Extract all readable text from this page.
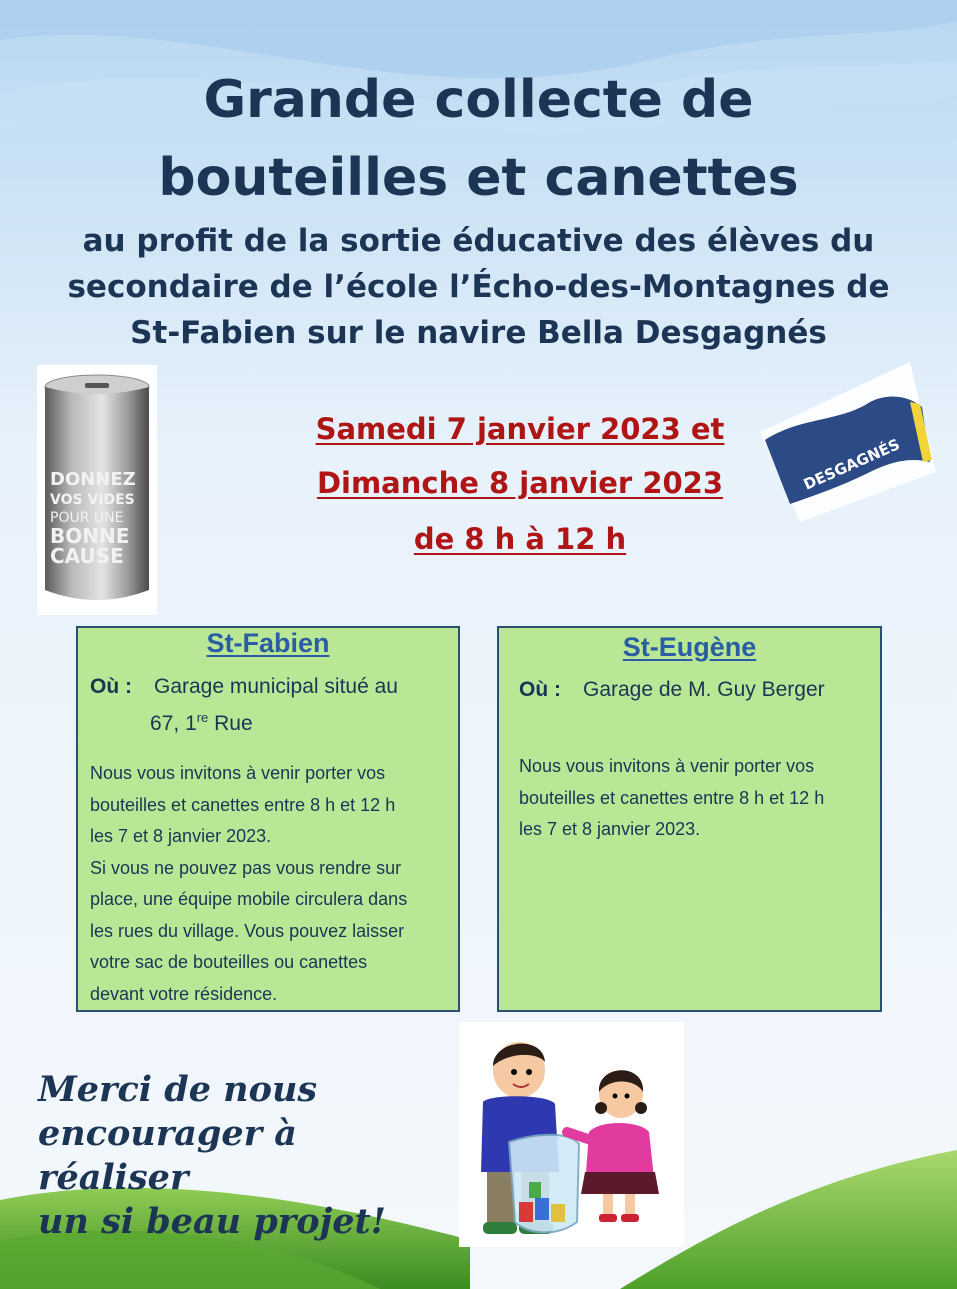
Grande collecte de
bouteilles et canettes
au profit de la sortie éducative des élèves du
secondaire de l’école l’Écho-des-Montagnes de
St-Fabien sur le navire Bella Desgagnés
DONNEZ
VOS VIDES
POUR UNE
BONNE
CAUSE
Samedi 7 janvier 2023 et
Dimanche 8 janvier 2023
de 8 h à 12 h
DESGAGNÉS
St-Fabien
Où : Garage municipal situé au
67, 1re Rue
Nous vous invitons à venir porter vos
bouteilles et canettes entre 8 h et 12 h
les 7 et 8 janvier 2023.
Si vous ne pouvez pas vous rendre sur
place, une équipe mobile circulera dans
les rues du village. Vous pouvez laisser
votre sac de bouteilles ou canettes
devant votre résidence.
St-Eugène
Où : Garage de M. Guy Berger
Nous vous invitons à venir porter vos
bouteilles et canettes entre 8 h et 12 h
les 7 et 8 janvier 2023.
Merci de nous
encourager à réaliser
un si beau projet!
